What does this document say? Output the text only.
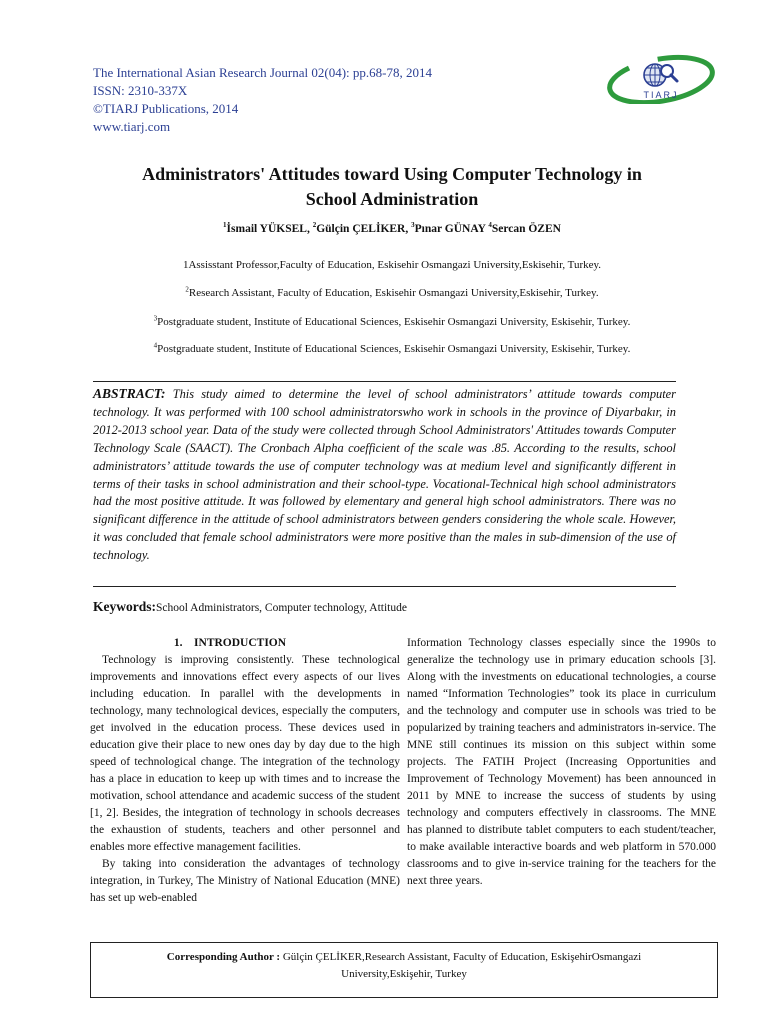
The International Asian Research Journal 02(04): pp.68-78, 2014
ISSN: 2310-337X
©TIARJ Publications, 2014
www.tiarj.com
TIARJ
Administrators' Attitudes toward Using Computer Technology in
School Administration
$^1$İsmail YÜKSEL, $^2$Gülçin ÇELİKER, $^3$Pınar GÜNAY $^4$Sercan ÖZEN
1Assisstant Professor,Faculty of Education, Eskisehir Osmangazi University,Eskisehir, Turkey.
$^2$Research Assistant, Faculty of Education, Eskisehir Osmangazi University,Eskisehir, Turkey.
$^3$Postgraduate student, Institute of Educational Sciences, Eskisehir Osmangazi University, Eskisehir, Turkey.
$^4$Postgraduate student, Institute of Educational Sciences, Eskisehir Osmangazi University, Eskisehir, Turkey.
ABSTRACT: This study aimed to determine the level of school administrators’ attitude towards computer technology. It was performed with 100 school administratorswho work in schools in the province of Diyarbakır, in 2012-2013 school year. Data of the study were collected through School Administrators' Attitudes towards Computer Technology Scale (SAACT). The Cronbach Alpha coefficient of the scale was .85. According to the results, school administrators’ attitude towards the use of computer technology was at medium level and significantly different in terms of their tasks in school administration and their school-type. Vocational-Technical high school administrators had the most positive attitude. It was followed by elementary and general high school administrators. There was no significant difference in the attitude of school administrators between genders considering the whole scale. However, it was concluded that female school administrators were more positive than the males in sub-dimension of the use of technology.
Keywords:School Administrators, Computer technology, Attitude

1.    INTRODUCTION

Technology is improving consistently. These technological improvements and innovations effect every aspects of our lives including education. In parallel with the developments in technology, many technological devices, especially the computers, get involved in the education process. These devices used in education give their place to new ones day by day due to the high speed of technological change. The integration of the technology has a place in education to keep up with times and to increase the motivation, school attendance and academic success of the student [1, 2]. Besides, the integration of technology in schools decreases the exhaustion of students, teachers and other personnel and enables more effective management facilities.

By taking into consideration the advantages of technology integration, in Turkey, The Ministry of National Education (MNE) has set up web-enabled

Information Technology classes especially since the 1990s to generalize the technology use in primary education schools [3]. Along with the investments on educational technologies, a course named “Information Technologies” took its place in curriculum and the technology and computer use in schools was tried to be popularized by training teachers and administrators in-service. The MNE still continues its mission on this subject within some projects. The FATIH Project (Increasing Opportunities and Improvement of Technology Movement) has been announced in 2011 by MNE to increase the success of students by using technology and computers effectively in classrooms. The MNE has planned to distribute tablet computers to each student/teacher, to make available interactive boards and web platform in 570.000 classrooms and to give in-service training for the teachers for the next three years.

Corresponding Author : Gülçin ÇELİKER,Research Assistant, Faculty of Education, EskişehirOsmangazi
University,Eskişehir, Turkey
